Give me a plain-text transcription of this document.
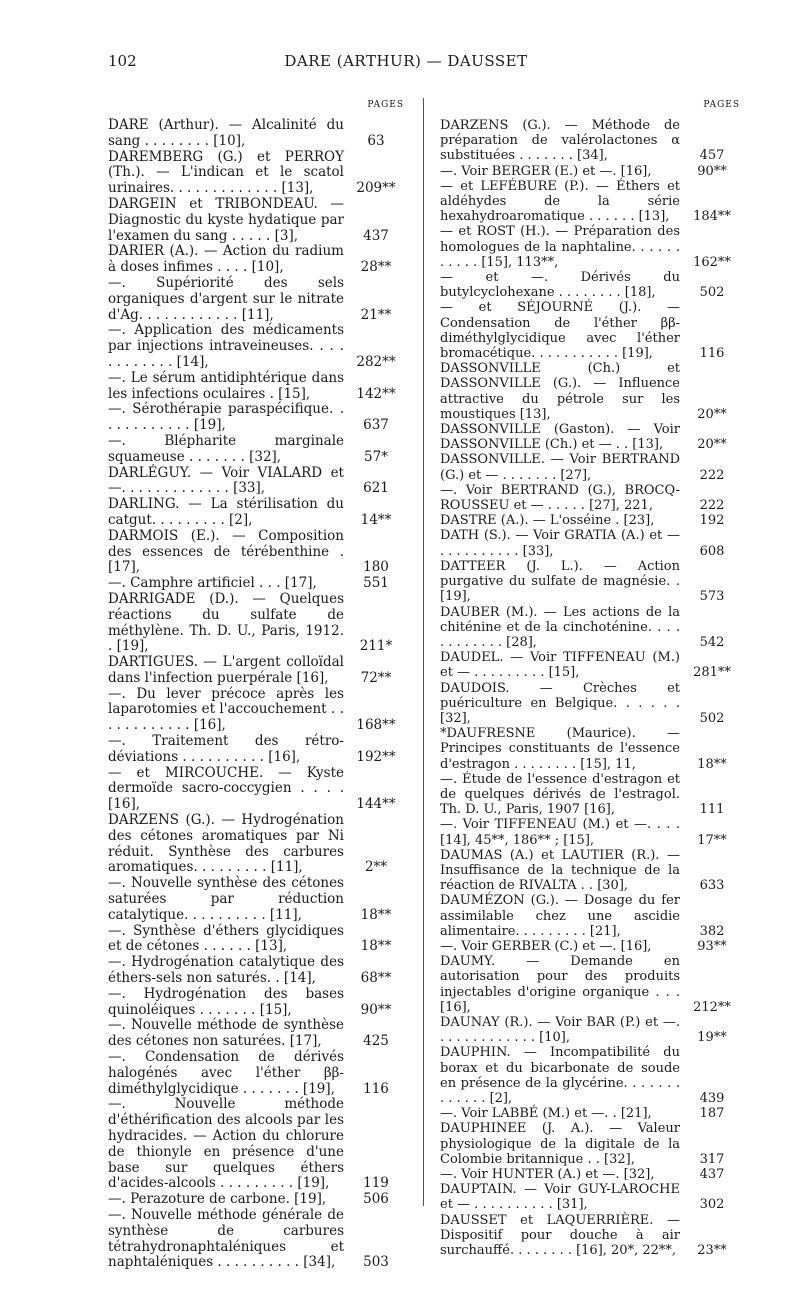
102	DARE (ARTHUR) — DAUSSET
PAGES
DARE (Arthur). — Alcalinité du sang . . . . . . . . [10],	63
DAREMBERG (G.) et PERROY (Th.). — L'indican et le scatol urinaires. . . . . . . . . . . . . [13],	209**
DARGEIN et TRIBONDEAU. — Diagnostic du kyste hydatique par l'examen du sang . . . . . [3],	437
DARIER (A.). — Action du radium à doses infimes . . . . [10],	28**
—. Supériorité des sels organiques d'argent sur le nitrate d'Ag. . . . . . . . . . . . [11],	21**
—. Application des médicaments par injections intraveineuses. . . . . . . . . . . . [14],	282**
—. Le sérum antidiphtérique dans les infections oculaires . [15],	142**
—. Sérothérapie paraspécifique. . . . . . . . . . . . [19],	637
—. Blépharite marginale squameuse . . . . . . . [32],	57*
DARLÉGUY. — Voir VIALARD et —. . . . . . . . . . . . . [33],	621
DARLING. — La stérilisation du catgut. . . . . . . . . [2],	14**
DARMOIS (E.). — Composition des essences de térébenthine . [17],	180
—. Camphre artificiel . . . [17],	551
DARRIGADE (D.). — Quelques réactions du sulfate de méthylène. Th. D. U., Paris, 1912. . [19],	211*
DARTIGUES. — L'argent colloïdal dans l'infection puerpérale [16],	72**
—. Du lever précoce après les laparotomies et l'accouchement . . . . . . . . . . . . [16],	168**
—. Traitement des rétro-déviations . . . . . . . . . . [16],	192**
— et MIRCOUCHE. — Kyste dermoïde sacro-coccygien . . . . [16],	144**
DARZENS (G.). — Hydrogénation des cétones aromatiques par Ni réduit. Synthèse des carbures aromatiques. . . . . . . . . [11],	2**
—. Nouvelle synthèse des cétones saturées par réduction catalytique. . . . . . . . . . [11],	18**
—. Synthèse d'éthers glycidiques et de cétones . . . . . . [13],	18**
—. Hydrogénation catalytique des éthers-sels non saturés. . [14],	68**
—. Hydrogénation des bases quinoléiques . . . . . . . [15],	90**
—. Nouvelle méthode de synthèse des cétones non saturées. [17],	425
—. Condensation de dérivés halogénés avec l'éther ββ-diméthylglycidique . . . . . . . [19],	116
—. Nouvelle méthode d'éthérification des alcools par les hydracides. — Action du chlorure de thionyle en présence d'une base sur quelques éthers d'acides-alcools . . . . . . . . . [19],	119
—. Perazoture de carbone. [19],	506
—. Nouvelle méthode générale de synthèse de carbures tétrahydronaphtaléniques et naphtaléniques . . . . . . . . . . [34],	503
PAGES
DARZENS (G.). — Méthode de préparation de valérolactones α substituées . . . . . . . [34],	457
—. Voir BERGER (E.) et —. [16],	90**
— et LEFÉBURE (P.). — Éthers et aldéhydes de la série hexahydroaromatique . . . . . . [13],	184**
— et ROST (H.). — Préparation des homologues de la naphtaline. . . . . . . . . . . [15], 113**,	162**
— et —. Dérivés du butylcyclohexane . . . . . . . . [18],	502
— et SÉJOURNÉ (J.). — Condensation de l'éther ββ-diméthylglycidique avec l'éther bromacétique. . . . . . . . . . . [19],	116
DASSONVILLE (Ch.) et DASSONVILLE (G.). — Influence attractive du pétrole sur les moustiques [13],	20**
DASSONVILLE (Gaston). — Voir DASSONVILLE (Ch.) et — . . [13],	20**
DASSONVILLE. — Voir BERTRAND (G.) et — . . . . . . . [27],	222
—. Voir BERTRAND (G.), BROCQ-ROUSSEU et — . . . . . [27], 221,	222
DASTRE (A.). — L'osséine . [23],	192
DATH (S.). — Voir GRATIA (A.) et — . . . . . . . . . . [33],	608
DATTEER (J. L.). — Action purgative du sulfate de magnésie. . [19],	573
DAUBER (M.). — Les actions de la chiténine et de la cinchoténine. . . . . . . . . . . . [28],	542
DAUDEL. — Voir TIFFENEAU (M.) et — . . . . . . . . . [15],	281**
DAUDOIS. — Crèches et puériculture en Belgique. . . . . . [32],	502
*DAUFRESNE (Maurice). — Principes constituants de l'essence d'estragon . . . . . . . . [15], 11,	18**
—. Étude de l'essence d'estragon et de quelques dérivés de l'estragol. Th. D. U., Paris, 1907 [16],	111
—. Voir TIFFENEAU (M.) et —. . . . [14], 45**, 186** ; [15],	17**
DAUMAS (A.) et LAUTIER (R.). — Insuffisance de la technique de la réaction de RIVALTA . . [30],	633
DAUMÉZON (G.). — Dosage du fer assimilable chez une ascidie alimentaire. . . . . . . . . [21],	382
—. Voir GERBER (C.) et —. [16],	93**
DAUMY. — Demande en autorisation pour des produits injectables d'origine organique . . . [16],	212**
DAUNAY (R.). — Voir BAR (P.) et —. . . . . . . . . . . . . [10],	19**
DAUPHIN. — Incompatibilité du borax et du bicarbonate de soude en présence de la glycérine. . . . . . . . . . . . . [2],	439
—. Voir LABBÉ (M.) et —. . [21],	187
DAUPHINEE (J. A.). — Valeur physiologique de la digitale de la Colombie britannique . . [32],	317
—. Voir HUNTER (A.) et —. [32],	437
DAUPTAIN. — Voir GUY-LAROCHE et — . . . . . . . . . . [31],	302
DAUSSET et LAQUERRIÈRE. — Dispositif pour douche à air surchauffé. . . . . . . . [16], 20*, 22**,	23**
